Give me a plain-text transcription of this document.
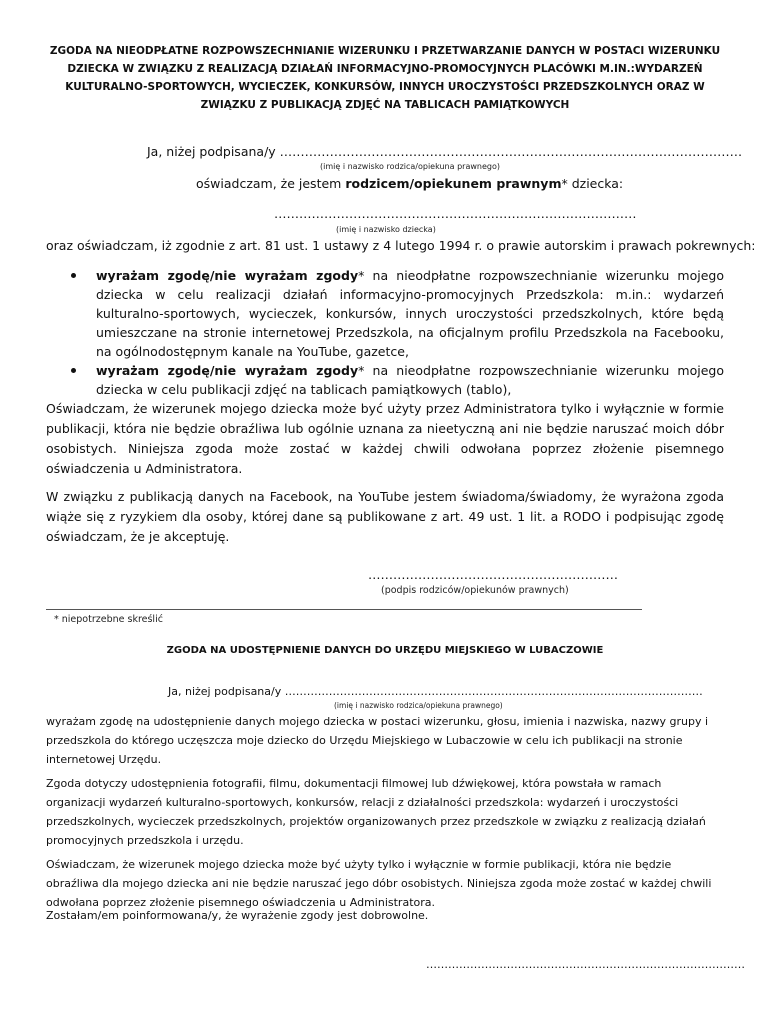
ZGODA NA NIEODPŁATNE ROZPOWSZECHNIANIE WIZERUNKU I PRZETWARZANIE DANYCH W POSTACI WIZERUNKU DZIECKA W ZWIĄZKU Z REALIZACJĄ DZIAŁAŃ INFORMACYJNO-PROMOCYJNYCH PLACÓWKI M.IN.:WYDARZEŃ KULTURALNO-SPORTOWYCH, WYCIECZEK, KONKURSÓW, INNYCH UROCZYSTOŚCI PRZEDSZKOLNYCH ORAZ W ZWIĄZKU Z PUBLIKACJĄ ZDJĘĆ NA TABLICACH PAMIĄTKOWYCH
Ja, niżej podpisana/y …………………………………………………………………………………………………
(imię i nazwisko rodzica/opiekuna prawnego)
oświadczam, że jestem rodzicem/opiekunem prawnym* dziecka:
……………………………………………………………………………
(imię i nazwisko dziecka)
oraz oświadczam, iż zgodnie z art. 81 ust. 1 ustawy z 4 lutego 1994 r. o prawie autorskim i prawach pokrewnych:
wyrażam zgodę/nie wyrażam zgody* na nieodpłatne rozpowszechnianie wizerunku mojego dziecka w celu realizacji działań informacyjno-promocyjnych Przedszkola: m.in.: wydarzeń kulturalno-sportowych, wycieczek, konkursów, innych uroczystości przedszkolnych, które będą umieszczane na stronie internetowej Przedszkola, na oficjalnym profilu Przedszkola na Facebooku, na ogólnodostępnym kanale na YouTube, gazetce,
wyrażam zgodę/nie wyrażam zgody* na nieodpłatne rozpowszechnianie wizerunku mojego dziecka w celu publikacji zdjęć na tablicach pamiątkowych (tablo),
Oświadczam, że wizerunek mojego dziecka może być użyty przez Administratora tylko i wyłącznie w formie publikacji, która nie będzie obraźliwa lub ogólnie uznana za nieetyczną ani nie będzie naruszać moich dóbr osobistych. Niniejsza zgoda może zostać w każdej chwili odwołana poprzez złożenie pisemnego oświadczenia u Administratora.
W związku z publikacją danych na Facebook, na YouTube jestem świadoma/świadomy, że wyrażona zgoda wiąże się z ryzykiem dla osoby, której dane są publikowane z art. 49 ust. 1 lit. a RODO i podpisując zgodę oświadczam, że je akceptuję.
……………………………………………………
(podpis rodziców/opiekunów prawnych)
* niepotrzebne skreślić
ZGODA NA UDOSTĘPNIENIE DANYCH DO URZĘDU MIEJSKIEGO W LUBACZOWIE
Ja, niżej podpisana/y ……………………………………………………………………………………………………
(imię i nazwisko rodzica/opiekuna prawnego)
wyrażam zgodę na udostępnienie danych mojego dziecka w postaci wizerunku, głosu, imienia i nazwiska, nazwy grupy i przedszkola do którego uczęszcza moje dziecko do Urzędu Miejskiego w Lubaczowie w celu ich publikacji na stronie internetowej Urzędu.
Zgoda dotyczy udostępnienia fotografii, filmu, dokumentacji filmowej lub dźwiękowej, która powstała w ramach organizacji wydarzeń kulturalno-sportowych, konkursów, relacji z działalności przedszkola: wydarzeń i uroczystości przedszkolnych, wycieczek przedszkolnych, projektów organizowanych przez przedszkole w związku z realizacją działań promocyjnych przedszkola i urzędu.
Oświadczam, że wizerunek mojego dziecka może być użyty tylko i wyłącznie w formie publikacji, która nie będzie obraźliwa dla mojego dziecka ani nie będzie naruszać jego dóbr osobistych. Niniejsza zgoda może zostać w każdej chwili odwołana poprzez złożenie pisemnego oświadczenia u Administratora.
Zostałam/em poinformowana/y, że wyrażenie zgody jest dobrowolne.
……………………………………………………………………………
